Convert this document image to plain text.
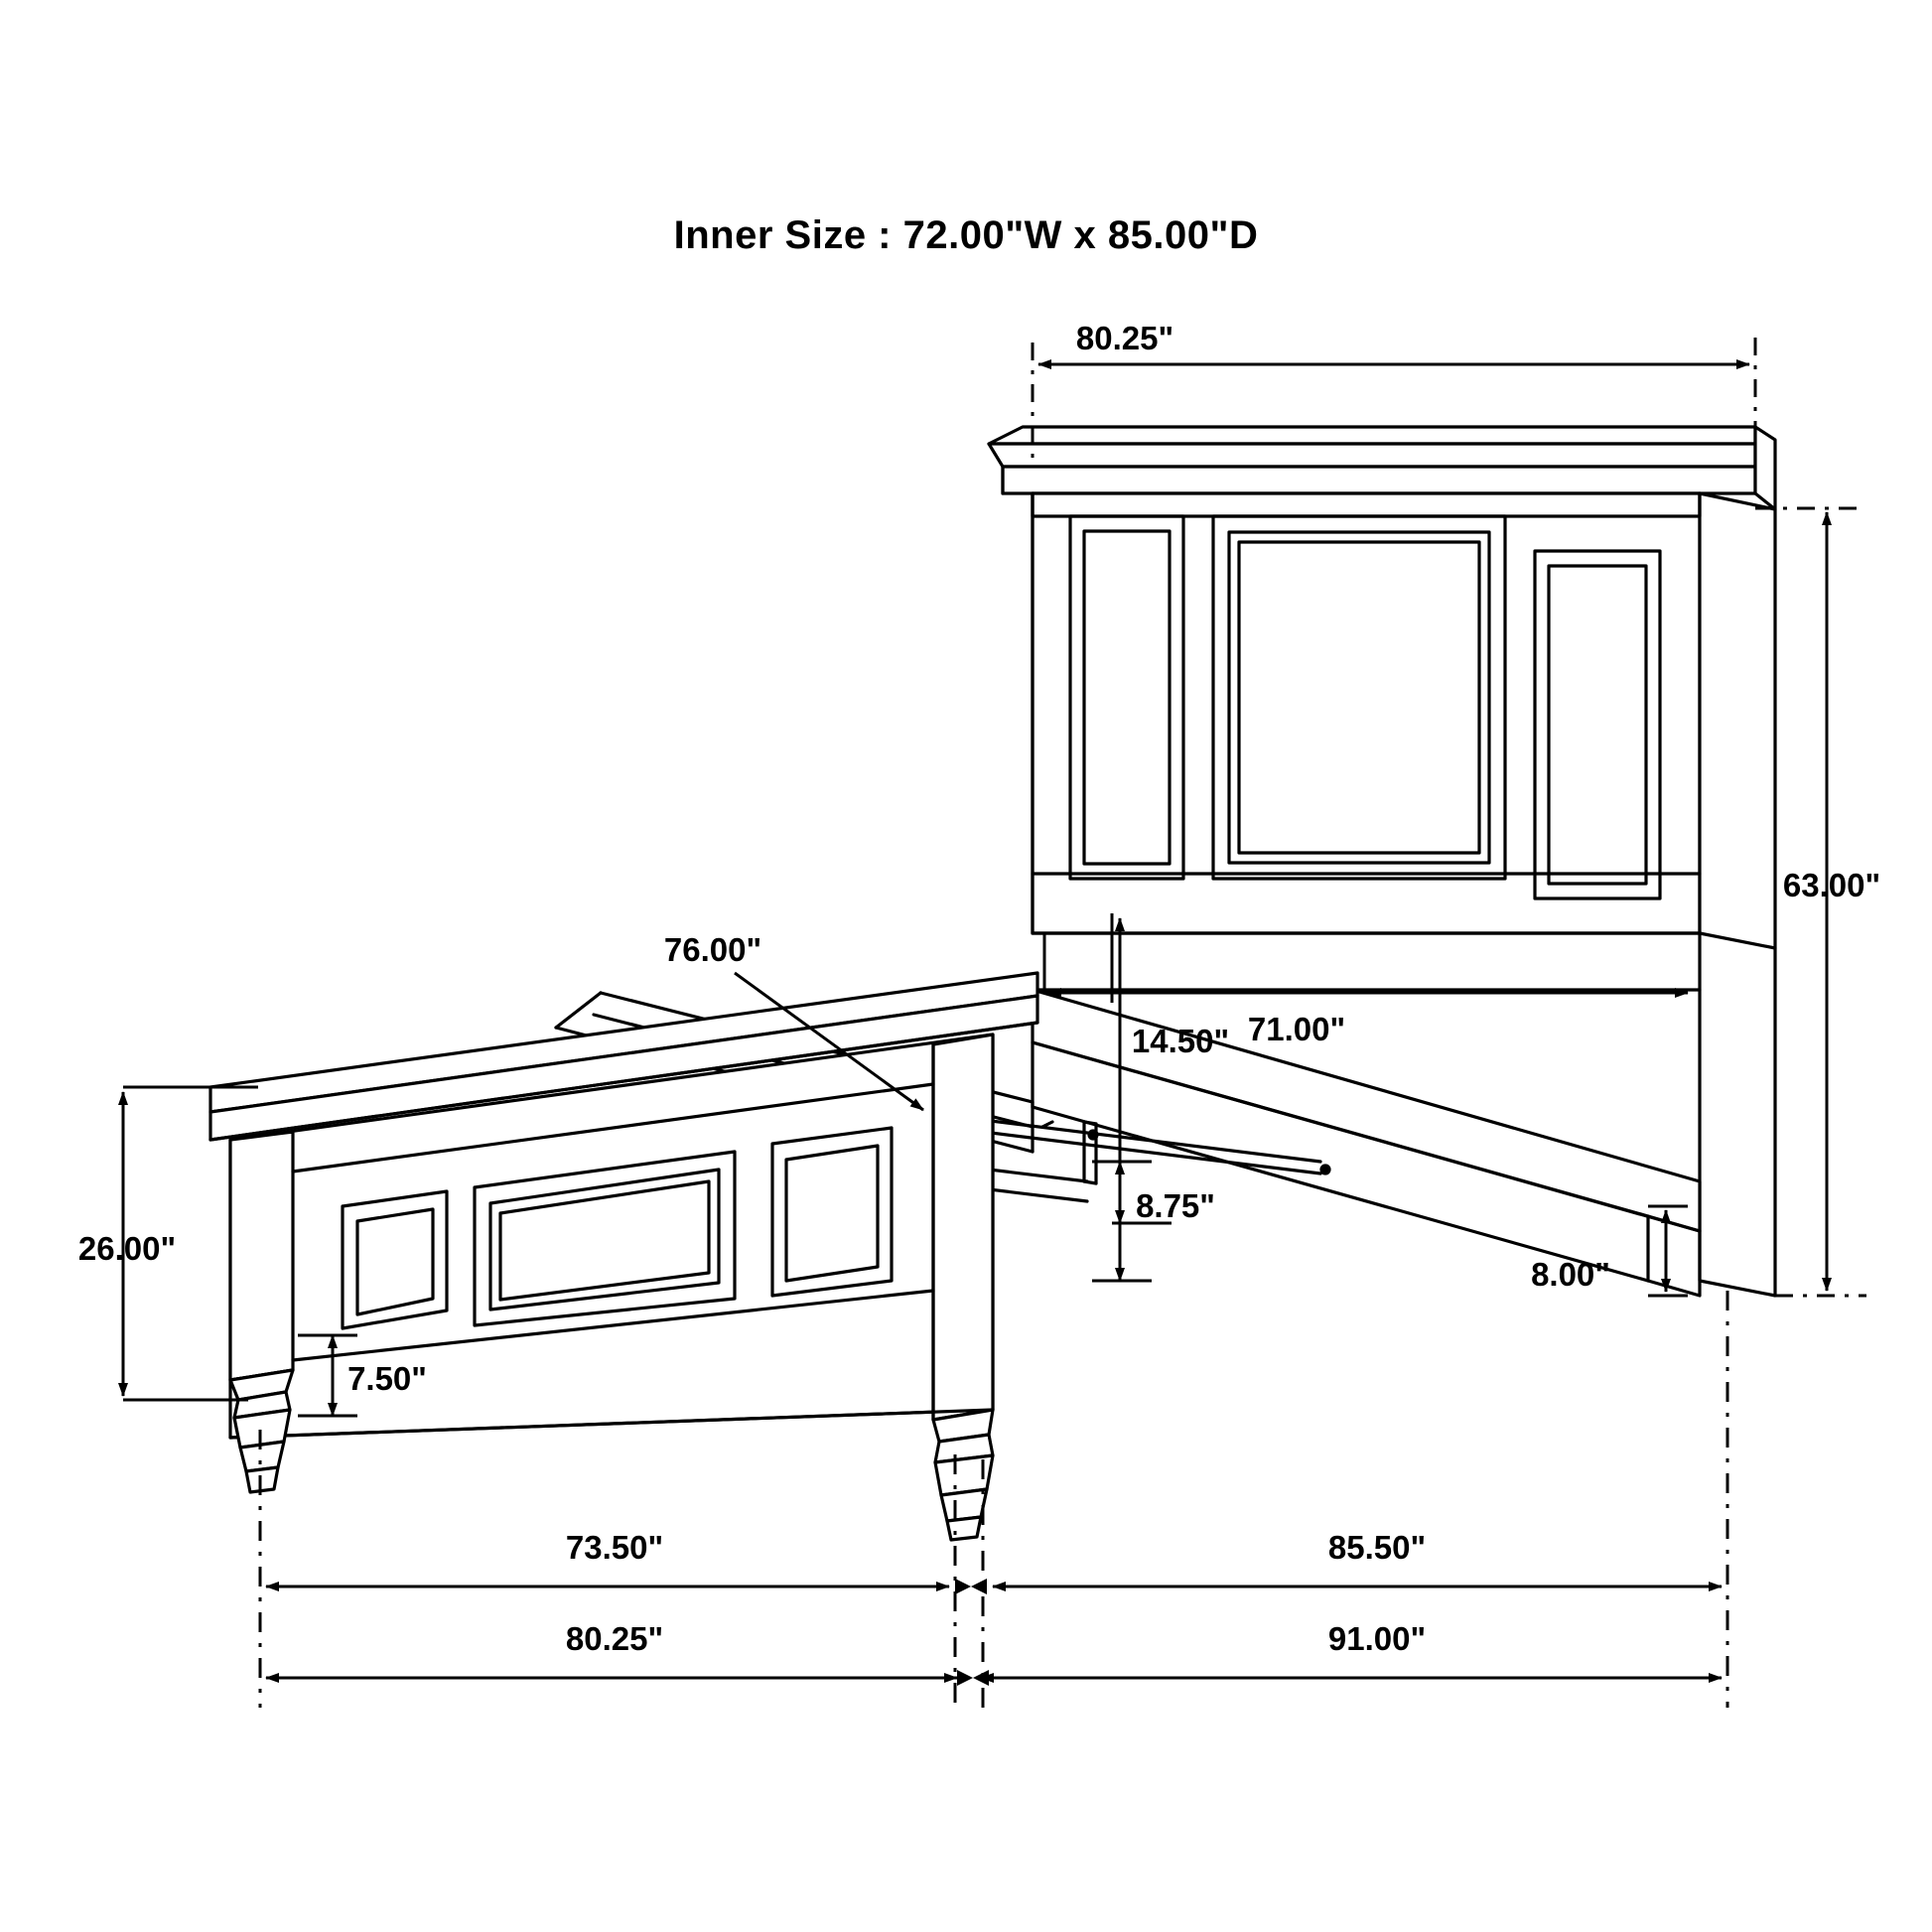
Inner Size : 72.00"W x 85.00"D
80.25"
63.00"
71.00"
76.00"
14.50"
8.75"
8.00"
26.00"
7.50"
73.50"	85.50"
80.25"	91.00"
